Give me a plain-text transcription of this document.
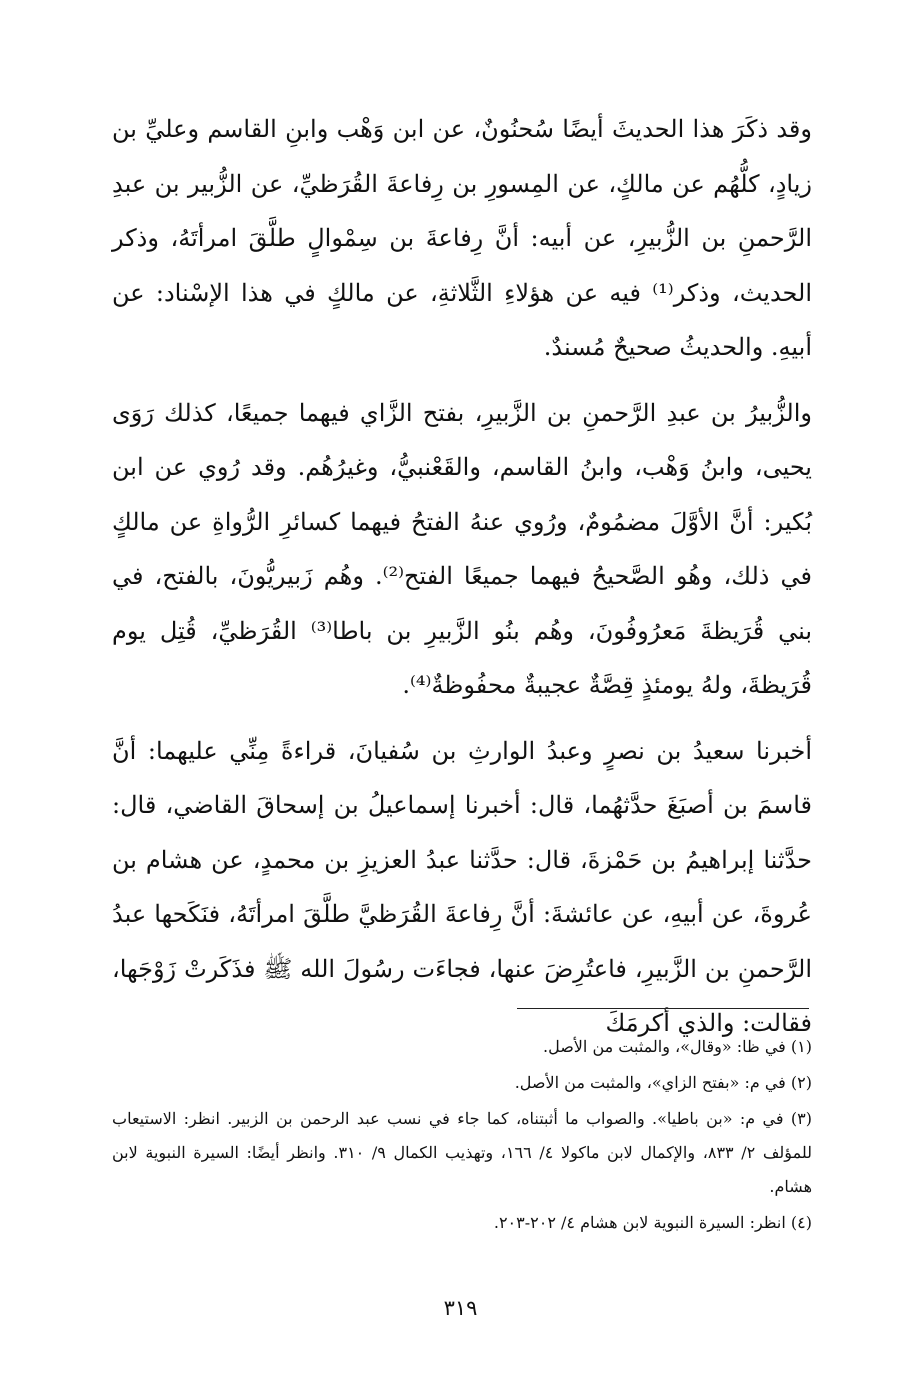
وقد ذكَرَ هذا الحديثَ أيضًا سُحنُونٌ، عن ابن وَهْب وابنِ القاسم وعليِّ بن زيادٍ، كلُّهُم عن مالكٍ، عن المِسورِ بن رِفاعةَ القُرَظيِّ، عن الزُّبير بن عبدِ الرَّحمنِ بن الزُّبيرِ، عن أبيه: أنَّ رِفاعةَ بن سِمْوالٍ طلَّقَ امرأتَهُ، وذكر الحديث، وذكر⁽¹⁾ فيه عن هؤلاءِ الثَّلاثةِ، عن مالكٍ في هذا الإسْناد: عن أبيهِ. والحديثُ صحيحٌ مُسندٌ.

والزُّبيرُ بن عبدِ الرَّحمنِ بن الزَّبيرِ، بفتح الزَّاي فيهما جميعًا، كذلك رَوَى يحيى، وابنُ وَهْب، وابنُ القاسم، والقَعْنبيُّ، وغيرُهُم. وقد رُوي عن ابن بُكير: أنَّ الأوَّلَ مضمُومٌ، ورُوي عنهُ الفتحُ فيهما كسائرِ الرُّواةِ عن مالكٍ في ذلك، وهُو الصَّحيحُ فيهما جميعًا الفتح⁽²⁾. وهُم زَبيريُّونَ، بالفتح، في بني قُرَيظةَ مَعرُوفُونَ، وهُم بنُو الزَّبيرِ بن باطا⁽³⁾ القُرَظيِّ، قُتِل يوم قُرَيظةَ، ولهُ يومئذٍ قِصَّةٌ عجيبةٌ محفُوظةٌ⁽⁴⁾.

أخبرنا سعيدُ بن نصرٍ وعبدُ الوارثِ بن سُفيانَ، قراءةً مِنِّي عليهما: أنَّ قاسمَ بن أصبَغَ حدَّثهُما، قال: أخبرنا إسماعيلُ بن إسحاقَ القاضي، قال: حدَّثنا إبراهيمُ بن حَمْزةَ، قال: حدَّثنا عبدُ العزيزِ بن محمدٍ، عن هشام بن عُروةَ، عن أبيهِ، عن عائشةَ: أنَّ رِفاعةَ القُرَظيَّ طلَّقَ امرأتَهُ، فنَكَحها عبدُ الرَّحمنِ بن الزَّبيرِ، فاعتُرِضَ عنها، فجاءَت رسُولَ الله ﷺ فذَكَرتْ زَوْجَها، فقالت: والذي أكرمَكَ

(١) في ظا: «وقال»، والمثبت من الأصل.

(٢) في م: «بفتح الزاي»، والمثبت من الأصل.

(٣) في م: «بن باطيا». والصواب ما أثبتناه، كما جاء في نسب عبد الرحمن بن الزبير. انظر: الاستيعاب للمؤلف ٢/ ٨٣٣، والإكمال لابن ماكولا ٤/ ١٦٦، وتهذيب الكمال ٩/ ٣١٠. وانظر أيضًا: السيرة النبوية لابن هشام.

(٤) انظر: السيرة النبوية لابن هشام ٤/ ٢٠٢-٢٠٣.

٣١٩
